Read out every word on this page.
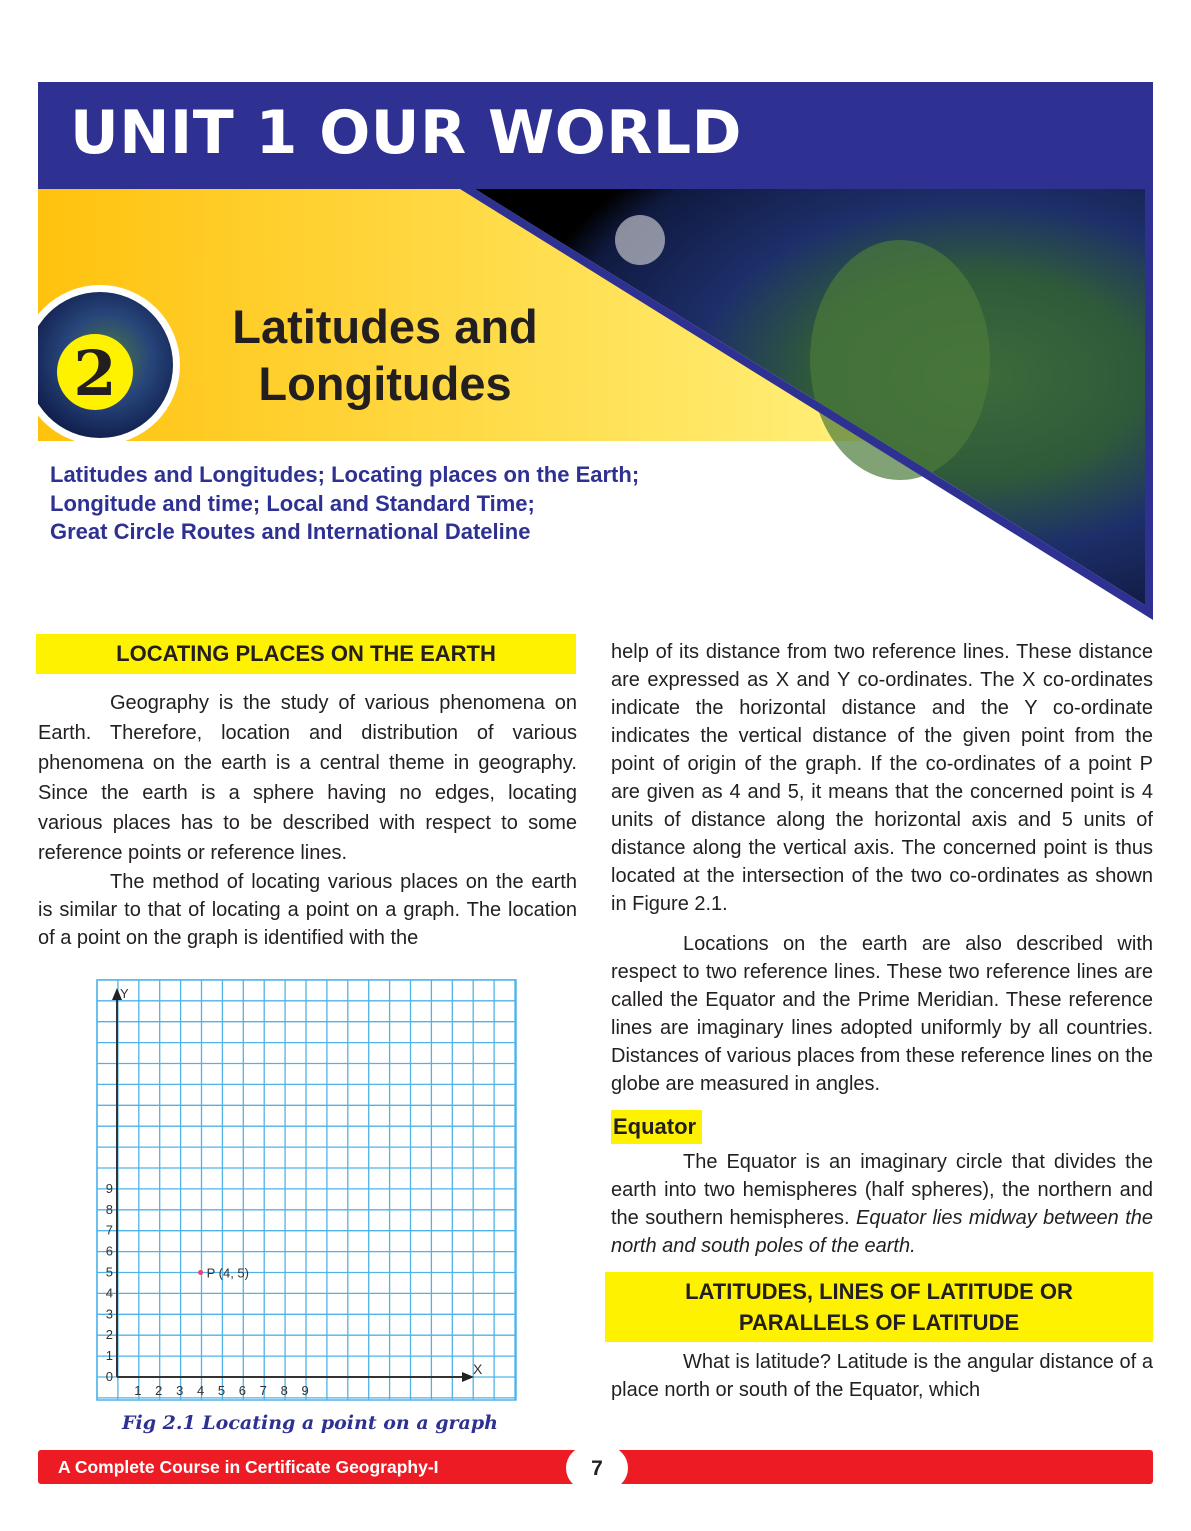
UNIT 1 OUR WORLD
2
Latitudes and
Longitudes
Latitudes and Longitudes; Locating places on the Earth;
Longitude and time; Local and Standard Time;
Great Circle Routes and International Dateline
LOCATING PLACES ON THE EARTH

Geography is the study of various phenomena on Earth. Therefore, location and distribution of various phenomena on the earth is a central theme in geography. Since the earth is a sphere having no edges, locating various places has to be described with respect to some reference points or reference lines.

The method of locating various places on the earth is similar to that of locating a point on a graph. The location of a point on the graph is identified with the

Y
X
1 2 3 4 5 6 7 8 9
0
1
2
3
4
5
6
7
8
9
P (4, 5)
Fig 2.1 Locating a point on a graph

help of its distance from two reference lines. These distance are expressed as X and Y co-ordinates. The X co-ordinates indicate the horizontal distance and the Y co-ordinate indicates the vertical distance of the given point from the point of origin of the graph. If the co-ordinates of a point P are given as 4 and 5, it means that the concerned point is 4 units of distance along the horizontal axis and 5 units of distance along the vertical axis. The concerned point is thus located at the intersection of the two co-ordinates as shown in Figure 2.1.

Locations on the earth are also described with respect to two reference lines. These two reference lines are called the Equator and the Prime Meridian. These reference lines are imaginary lines adopted uniformly by all countries. Distances of various places from these reference lines on the globe are measured in angles.

Equator

The Equator is an imaginary circle that divides the earth into two hemispheres (half spheres), the northern and the southern hemispheres. Equator lies midway between the north and south poles of the earth.

LATITUDES, LINES OF LATITUDE OR
PARALLELS OF LATITUDE

What is latitude? Latitude is the angular distance of a place north or south of the Equator, which

A Complete Course in Certificate Geography-I	7
